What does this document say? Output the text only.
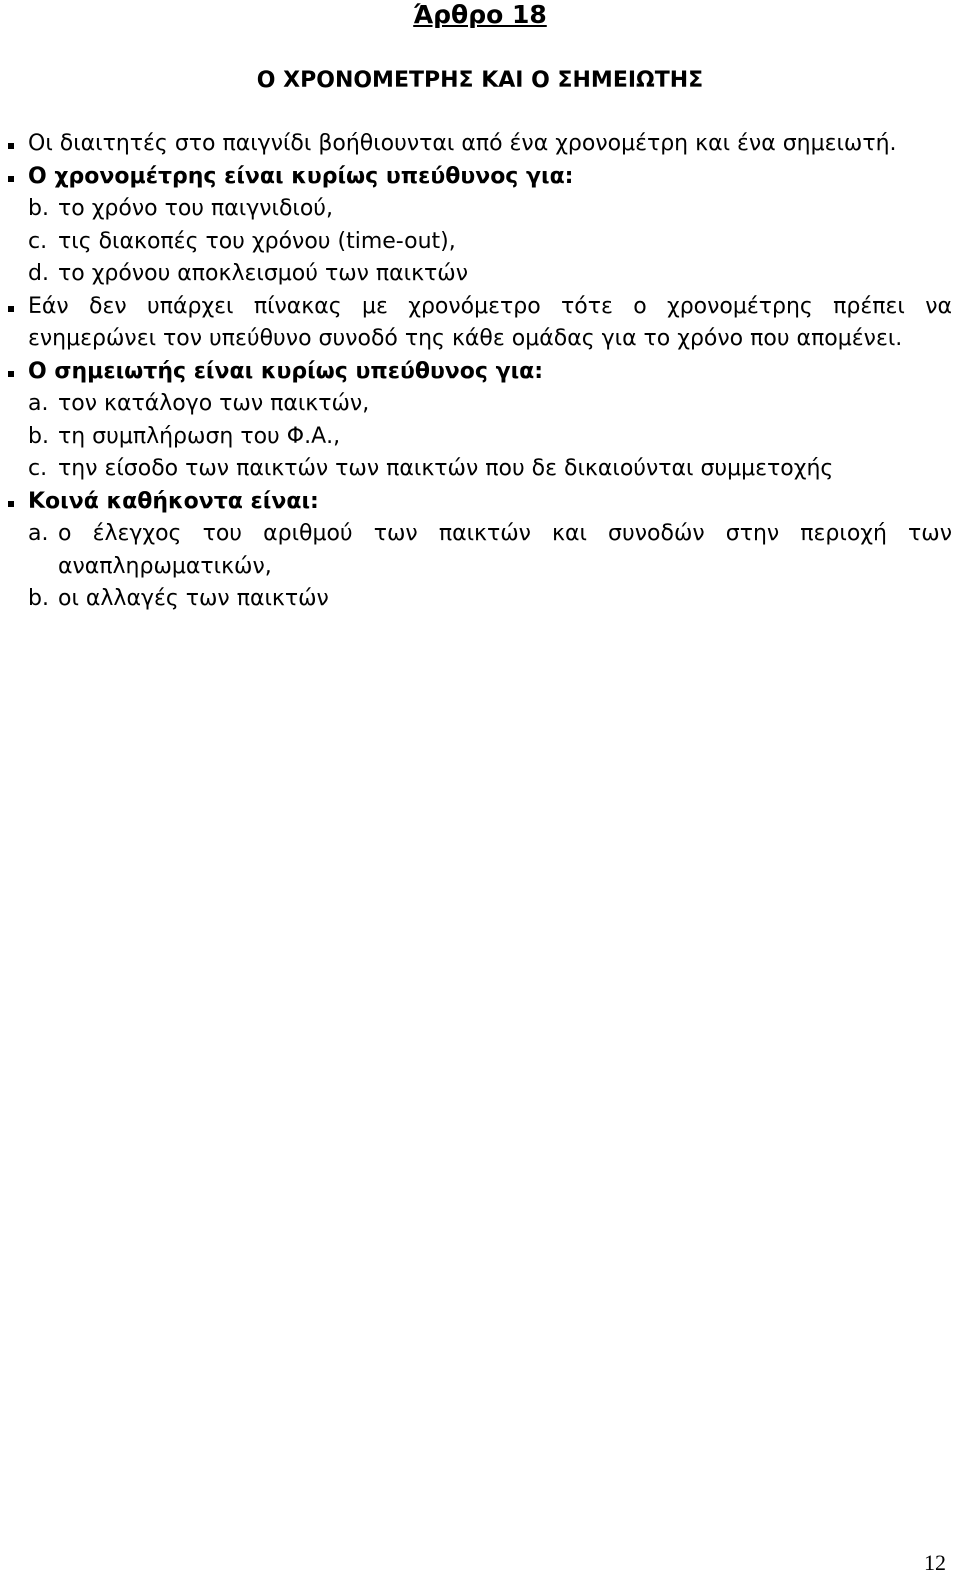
Άρθρο 18
Ο ΧΡΟΝΟΜΕΤΡΗΣ ΚΑΙ Ο ΣΗΜΕΙΩΤΗΣ
Οι διαιτητές στο παιγνίδι βοήθιουνται από ένα χρονομέτρη και ένα σημειωτή.
Ο χρονομέτρης είναι κυρίως υπεύθυνος για:
b. το χρόνο του παιγνιδιού,
c. τις διακοπές του χρόνου (time-out),
d. το χρόνου αποκλεισμού των παικτών
Εάν δεν υπάρχει πίνακας με χρονόμετρο τότε ο χρονομέτρης πρέπει να ενημερώνει τον υπεύθυνο συνοδό της κάθε ομάδας για το χρόνο που απομένει.
Ο σημειωτής είναι κυρίως υπεύθυνος για:
a. τον κατάλογο των παικτών,
b. τη συμπλήρωση του Φ.Α.,
c. την είσοδο των παικτών των παικτών που δε δικαιούνται συμμετοχής
Κοινά καθήκοντα είναι:
a. ο έλεγχος του αριθμού των παικτών και συνοδών στην περιοχή των αναπληρωματικών,
b. οι αλλαγές των παικτών
12
